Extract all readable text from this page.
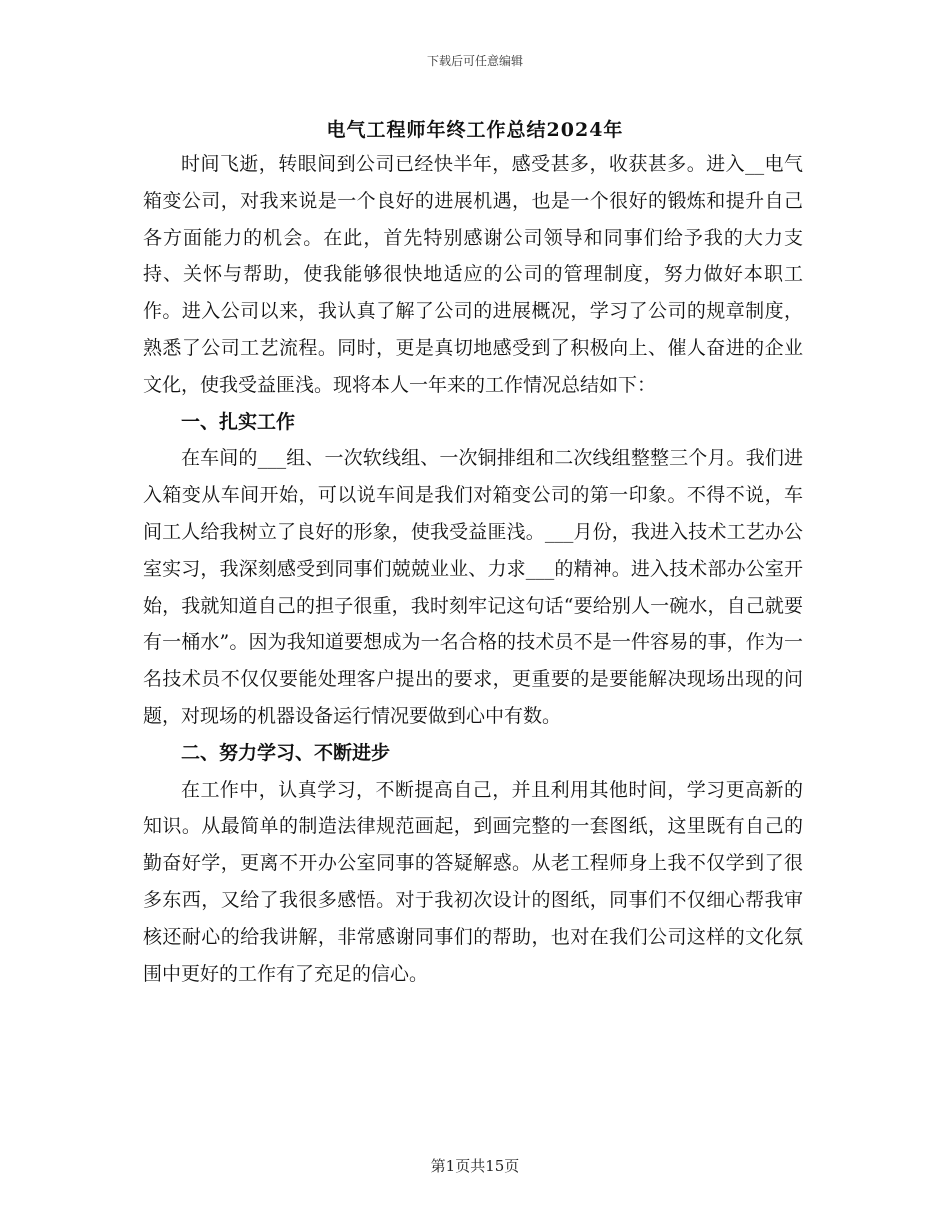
下载后可任意编辑
电气工程师年终工作总结2024年

时间飞逝，转眼间到公司已经快半年，感受甚多，收获甚多。进入__电气箱变公司，对我来说是一个良好的进展机遇，也是一个很好的锻炼和提升自己各方面能力的机会。在此，首先特别感谢公司领导和同事们给予我的大力支持、关怀与帮助，使我能够很快地适应的公司的管理制度，努力做好本职工作。进入公司以来，我认真了解了公司的进展概况，学习了公司的规章制度，熟悉了公司工艺流程。同时，更是真切地感受到了积极向上、催人奋进的企业文化，使我受益匪浅。现将本人一年来的工作情况总结如下：

一、扎实工作

在车间的___组、一次软线组、一次铜排组和二次线组整整三个月。我们进入箱变从车间开始，可以说车间是我们对箱变公司的第一印象。不得不说，车间工人给我树立了良好的形象，使我受益匪浅。___月份，我进入技术工艺办公室实习，我深刻感受到同事们兢兢业业、力求___的精神。进入技术部办公室开始，我就知道自己的担子很重，我时刻牢记这句话“要给别人一碗水，自己就要有一桶水”。因为我知道要想成为一名合格的技术员不是一件容易的事，作为一名技术员不仅仅要能处理客户提出的要求，更重要的是要能解决现场出现的问题，对现场的机器设备运行情况要做到心中有数。

二、努力学习、不断进步

在工作中，认真学习，不断提高自己，并且利用其他时间，学习更高新的知识。从最简单的制造法律规范画起，到画完整的一套图纸，这里既有自己的勤奋好学，更离不开办公室同事的答疑解惑。从老工程师身上我不仅学到了很多东西，又给了我很多感悟。对于我初次设计的图纸，同事们不仅细心帮我审核还耐心的给我讲解，非常感谢同事们的帮助，也对在我们公司这样的文化氛围中更好的工作有了充足的信心。

第1页共15页
